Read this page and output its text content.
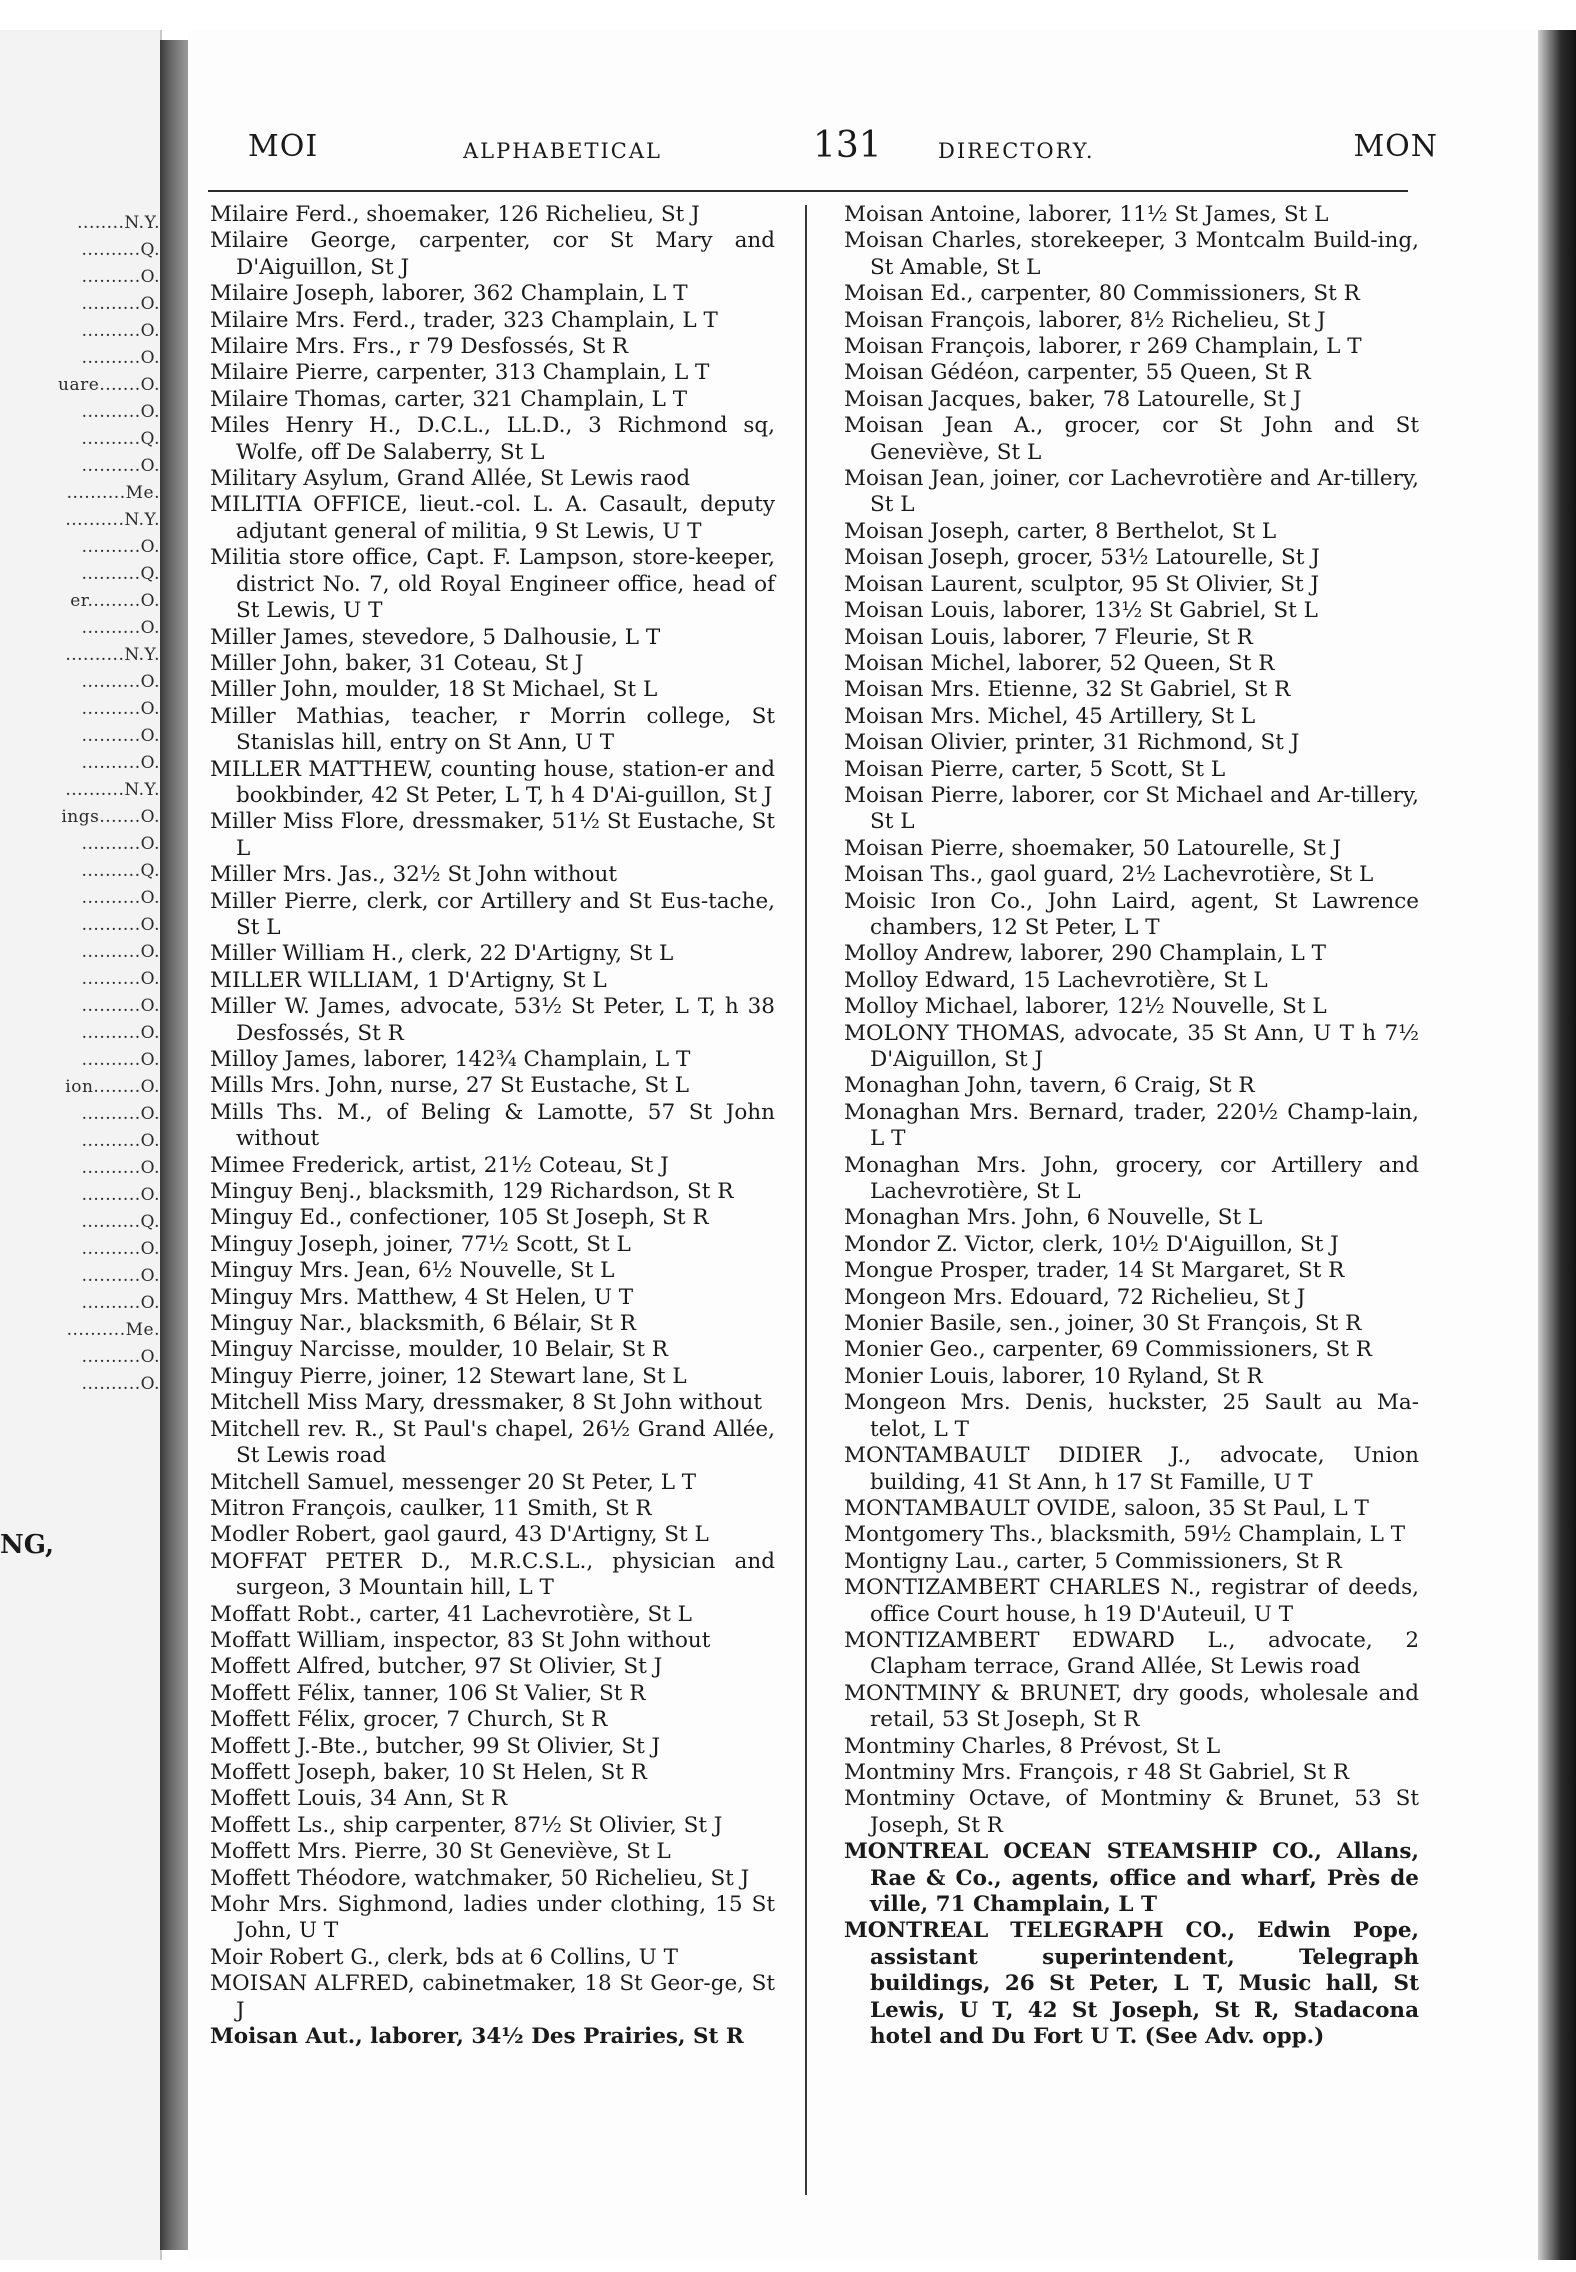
........N.Y.
..........Q.
..........O.
..........O.
..........O.
..........O.
uare.......O.
..........O.
..........Q.
..........O.
..........Me.
..........N.Y.
..........O.
..........Q.
er.........O.
..........O.
..........N.Y.
..........O.
..........O.
..........O.
..........O.
..........N.Y.
ings.......O.
..........O.
..........Q.
..........O.
..........O.
..........O.
..........O.
..........O.
..........O.
..........O.
ion........O.
..........O.
..........O.
..........O.
..........O.
..........Q.
..........O.
..........O.
..........O.
..........Me.
..........O.
..........O.
NG,
MOI	ALPHABETICAL	131	DIRECTORY.	MON
Milaire Ferd., shoemaker, 126 Richelieu, St J
Milaire George, carpenter, cor St Mary and D'Aiguillon, St J
Milaire Joseph, laborer, 362 Champlain, L T
Milaire Mrs. Ferd., trader, 323 Champlain, L T
Milaire Mrs. Frs., r 79 Desfossés, St R
Milaire Pierre, carpenter, 313 Champlain, L T
Milaire Thomas, carter, 321 Champlain, L T
Miles Henry H., D.C.L., LL.D., 3 Richmond sq, Wolfe, off De Salaberry, St L
Military Asylum, Grand Allée, St Lewis raod
MILITIA OFFICE, lieut.-col. L. A. Casault, deputy adjutant general of militia, 9 St Lewis, U T
Militia store office, Capt. F. Lampson, store-keeper, district No. 7, old Royal Engineer office, head of St Lewis, U T
Miller James, stevedore, 5 Dalhousie, L T
Miller John, baker, 31 Coteau, St J
Miller John, moulder, 18 St Michael, St L
Miller Mathias, teacher, r Morrin college, St Stanislas hill, entry on St Ann, U T
MILLER MATTHEW, counting house, station-er and bookbinder, 42 St Peter, L T, h 4 D'Ai-guillon, St J
Miller Miss Flore, dressmaker, 51½ St Eustache, St L
Miller Mrs. Jas., 32½ St John without
Miller Pierre, clerk, cor Artillery and St Eus-tache, St L
Miller William H., clerk, 22 D'Artigny, St L
MILLER WILLIAM, 1 D'Artigny, St L
Miller W. James, advocate, 53½ St Peter, L T, h 38 Desfossés, St R
Milloy James, laborer, 142¾ Champlain, L T
Mills Mrs. John, nurse, 27 St Eustache, St L
Mills Ths. M., of Beling & Lamotte, 57 St John without
Mimee Frederick, artist, 21½ Coteau, St J
Minguy Benj., blacksmith, 129 Richardson, St R
Minguy Ed., confectioner, 105 St Joseph, St R
Minguy Joseph, joiner, 77½ Scott, St L
Minguy Mrs. Jean, 6½ Nouvelle, St L
Minguy Mrs. Matthew, 4 St Helen, U T
Minguy Nar., blacksmith, 6 Bélair, St R
Minguy Narcisse, moulder, 10 Belair, St R
Minguy Pierre, joiner, 12 Stewart lane, St L
Mitchell Miss Mary, dressmaker, 8 St John without
Mitchell rev. R., St Paul's chapel, 26½ Grand Allée, St Lewis road
Mitchell Samuel, messenger 20 St Peter, L T
Mitron François, caulker, 11 Smith, St R
Modler Robert, gaol gaurd, 43 D'Artigny, St L
MOFFAT PETER D., M.R.C.S.L., physician and surgeon, 3 Mountain hill, L T
Moffatt Robt., carter, 41 Lachevrotière, St L
Moffatt William, inspector, 83 St John without
Moffett Alfred, butcher, 97 St Olivier, St J
Moffett Félix, tanner, 106 St Valier, St R
Moffett Félix, grocer, 7 Church, St R
Moffett J.-Bte., butcher, 99 St Olivier, St J
Moffett Joseph, baker, 10 St Helen, St R
Moffett Louis, 34 Ann, St R
Moffett Ls., ship carpenter, 87½ St Olivier, St J
Moffett Mrs. Pierre, 30 St Geneviève, St L
Moffett Théodore, watchmaker, 50 Richelieu, St J
Mohr Mrs. Sighmond, ladies under clothing, 15 St John, U T
Moir Robert G., clerk, bds at 6 Collins, U T
MOISAN ALFRED, cabinetmaker, 18 St Geor-ge, St J
Moisan Aut., laborer, 34½ Des Prairies, St R
Moisan Antoine, laborer, 11½ St James, St L
Moisan Charles, storekeeper, 3 Montcalm Build-ing, St Amable, St L
Moisan Ed., carpenter, 80 Commissioners, St R
Moisan François, laborer, 8½ Richelieu, St J
Moisan François, laborer, r 269 Champlain, L T
Moisan Gédéon, carpenter, 55 Queen, St R
Moisan Jacques, baker, 78 Latourelle, St J
Moisan Jean A., grocer, cor St John and St Geneviève, St L
Moisan Jean, joiner, cor Lachevrotière and Ar-tillery, St L
Moisan Joseph, carter, 8 Berthelot, St L
Moisan Joseph, grocer, 53½ Latourelle, St J
Moisan Laurent, sculptor, 95 St Olivier, St J
Moisan Louis, laborer, 13½ St Gabriel, St L
Moisan Louis, laborer, 7 Fleurie, St R
Moisan Michel, laborer, 52 Queen, St R
Moisan Mrs. Etienne, 32 St Gabriel, St R
Moisan Mrs. Michel, 45 Artillery, St L
Moisan Olivier, printer, 31 Richmond, St J
Moisan Pierre, carter, 5 Scott, St L
Moisan Pierre, laborer, cor St Michael and Ar-tillery, St L
Moisan Pierre, shoemaker, 50 Latourelle, St J
Moisan Ths., gaol guard, 2½ Lachevrotière, St L
Moisic Iron Co., John Laird, agent, St Lawrence chambers, 12 St Peter, L T
Molloy Andrew, laborer, 290 Champlain, L T
Molloy Edward, 15 Lachevrotière, St L
Molloy Michael, laborer, 12½ Nouvelle, St L
MOLONY THOMAS, advocate, 35 St Ann, U T h 7½ D'Aiguillon, St J
Monaghan John, tavern, 6 Craig, St R
Monaghan Mrs. Bernard, trader, 220½ Champ-lain, L T
Monaghan Mrs. John, grocery, cor Artillery and Lachevrotière, St L
Monaghan Mrs. John, 6 Nouvelle, St L
Mondor Z. Victor, clerk, 10½ D'Aiguillon, St J
Mongue Prosper, trader, 14 St Margaret, St R
Mongeon Mrs. Edouard, 72 Richelieu, St J
Monier Basile, sen., joiner, 30 St François, St R
Monier Geo., carpenter, 69 Commissioners, St R
Monier Louis, laborer, 10 Ryland, St R
Mongeon Mrs. Denis, huckster, 25 Sault au Ma-telot, L T
MONTAMBAULT DIDIER J., advocate, Union building, 41 St Ann, h 17 St Famille, U T
MONTAMBAULT OVIDE, saloon, 35 St Paul, L T
Montgomery Ths., blacksmith, 59½ Champlain, L T
Montigny Lau., carter, 5 Commissioners, St R
MONTIZAMBERT CHARLES N., registrar of deeds, office Court house, h 19 D'Auteuil, U T
MONTIZAMBERT EDWARD L., advocate, 2 Clapham terrace, Grand Allée, St Lewis road
MONTMINY & BRUNET, dry goods, wholesale and retail, 53 St Joseph, St R
Montminy Charles, 8 Prévost, St L
Montminy Mrs. François, r 48 St Gabriel, St R
Montminy Octave, of Montminy & Brunet, 53 St Joseph, St R
MONTREAL OCEAN STEAMSHIP CO., Allans, Rae & Co., agents, office and wharf, Près de ville, 71 Champlain, L T
MONTREAL TELEGRAPH CO., Edwin Pope, assistant superintendent, Telegraph buildings, 26 St Peter, L T, Music hall, St Lewis, U T, 42 St Joseph, St R, Stadacona hotel and Du Fort U T. (See Adv. opp.)
